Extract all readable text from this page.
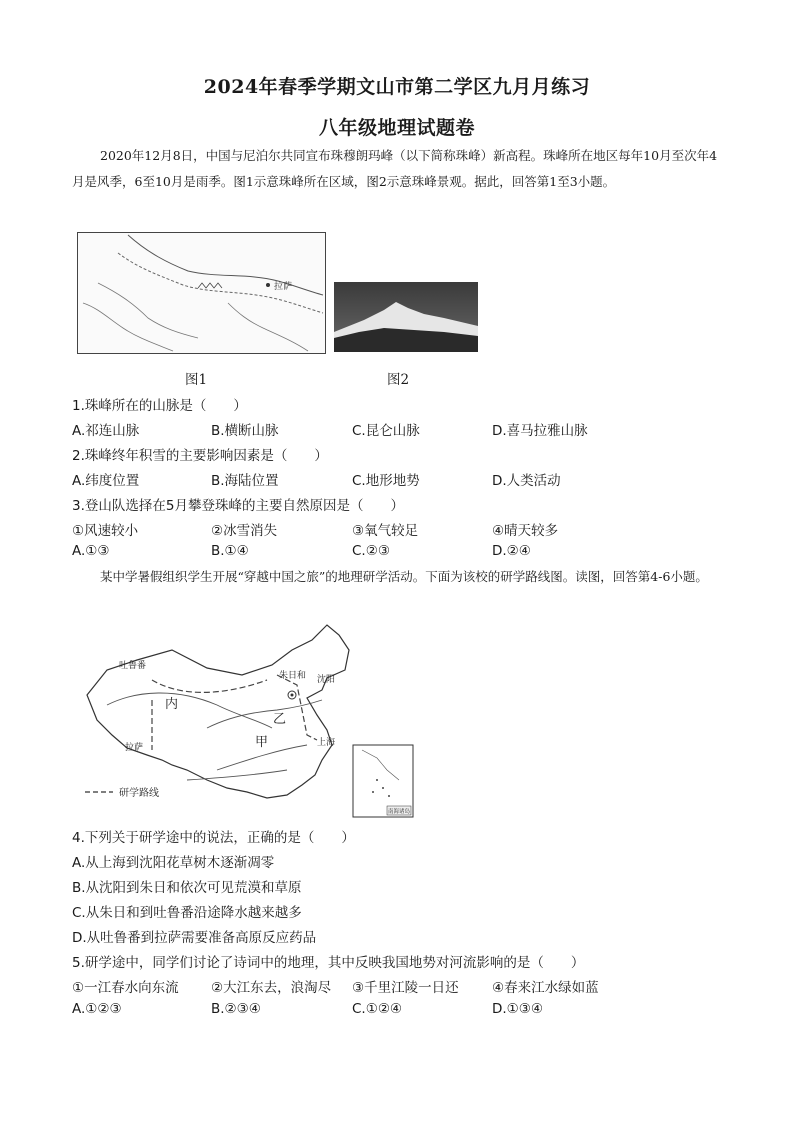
2024年春季学期文山市第二学区九月月练习
八年级地理试题卷
2020年12月8日，中国与尼泊尔共同宣布珠穆朗玛峰（以下简称珠峰）新高程。珠峰所在地区每年10月至次年4月是风季，6至10月是雨季。图1示意珠峰所在区域，图2示意珠峰景观。据此，回答第1至3小题。
拉萨
图1	图2
1.珠峰所在的山脉是（　　）
A.祁连山脉	B.横断山脉	C.昆仑山脉	D.喜马拉雅山脉
2.珠峰终年积雪的主要影响因素是（　　）
A.纬度位置	B.海陆位置	C.地形地势	D.人类活动
3.登山队选择在5月攀登珠峰的主要自然原因是（　　）
①风速较小	②冰雪消失	③氧气较足	④晴天较多
A.①③	B.①④	C.②③	D.②④
某中学暑假组织学生开展“穿越中国之旅”的地理研学活动。下面为该校的研学路线图。读图，回答第4-6小题。
吐鲁番
朱日和 沈阳
内
乙
甲	上海
拉萨
南海诸岛
研学路线
4.下列关于研学途中的说法，正确的是（　　）
A.从上海到沈阳花草树木逐渐凋零
B.从沈阳到朱日和依次可见荒漠和草原
C.从朱日和到吐鲁番沿途降水越来越多
D.从吐鲁番到拉萨需要准备高原反应药品
5.研学途中，同学们讨论了诗词中的地理，其中反映我国地势对河流影响的是（　　）
①一江春水向东流 ②大江东去，浪淘尽 ③千里江陵一日还 ④春来江水绿如蓝
A.①②③	B.②③④	C.①②④	D.①③④
